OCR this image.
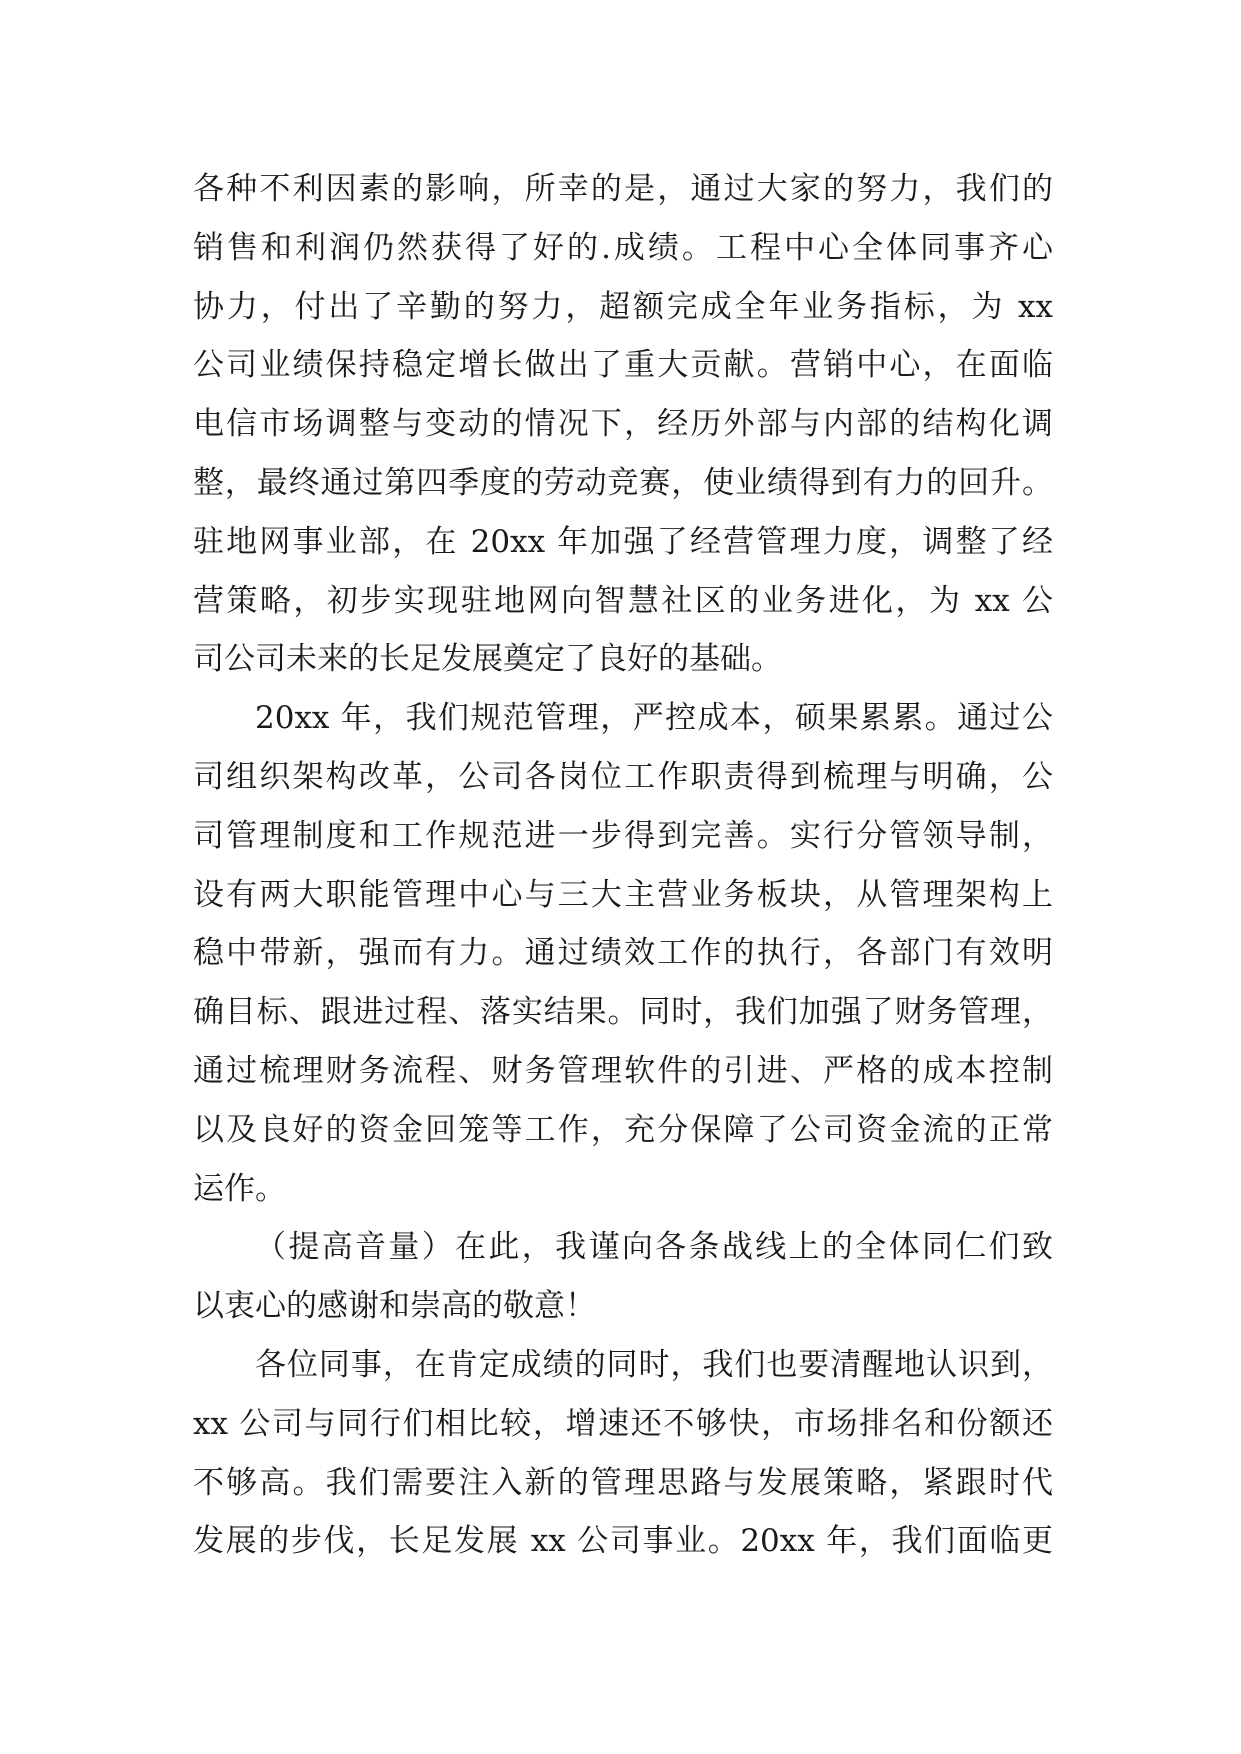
各种不利因素的影响，所幸的是，通过大家的努力，我们的
销售和利润仍然获得了好的.成绩。工程中心全体同事齐心
协力，付出了辛勤的努力，超额完成全年业务指标，为 xx
公司业绩保持稳定增长做出了重大贡献。营销中心，在面临
电信市场调整与变动的情况下，经历外部与内部的结构化调
整，最终通过第四季度的劳动竞赛，使业绩得到有力的回升。
驻地网事业部，在 20xx 年加强了经营管理力度，调整了经
营策略，初步实现驻地网向智慧社区的业务进化，为 xx 公
司公司未来的长足发展奠定了良好的基础。
20xx 年，我们规范管理，严控成本，硕果累累。通过公
司组织架构改革，公司各岗位工作职责得到梳理与明确，公
司管理制度和工作规范进一步得到完善。实行分管领导制，
设有两大职能管理中心与三大主营业务板块，从管理架构上
稳中带新，强而有力。通过绩效工作的执行，各部门有效明
确目标、跟进过程、落实结果。同时，我们加强了财务管理，
通过梳理财务流程、财务管理软件的引进、严格的成本控制
以及良好的资金回笼等工作，充分保障了公司资金流的正常
运作。
（提高音量）在此，我谨向各条战线上的全体同仁们致
以衷心的感谢和崇高的敬意！
各位同事，在肯定成绩的同时，我们也要清醒地认识到，
xx 公司与同行们相比较，增速还不够快，市场排名和份额还
不够高。我们需要注入新的管理思路与发展策略，紧跟时代
发展的步伐，长足发展 xx 公司事业。20xx 年，我们面临更
